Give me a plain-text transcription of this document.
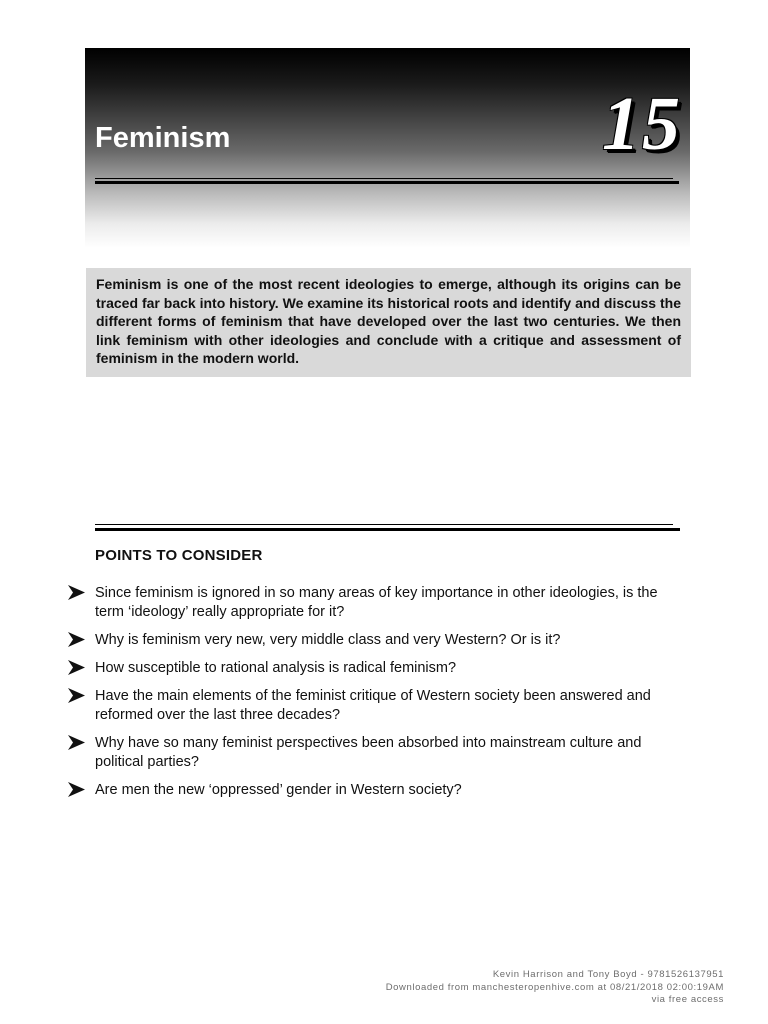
Feminism	15
Feminism is one of the most recent ideologies to emerge, although its origins can be traced far back into history. We examine its historical roots and identify and discuss the different forms of feminism that have developed over the last two centuries. We then link feminism with other ideologies and conclude with a critique and assessment of feminism in the modern world.
POINTS TO CONSIDER
Since feminism is ignored in so many areas of key importance in other ideologies, is the term ‘ideology’ really appropriate for it?
Why is feminism very new, very middle class and very Western? Or is it?
How susceptible to rational analysis is radical feminism?
Have the main elements of the feminist critique of Western society been answered and reformed over the last three decades?
Why have so many feminist perspectives been absorbed into mainstream culture and political parties?
Are men the new ‘oppressed’ gender in Western society?
Kevin Harrison and Tony Boyd - 9781526137951
Downloaded from manchesteropenhive.com at 08/21/2018 02:00:19AM
via free access
